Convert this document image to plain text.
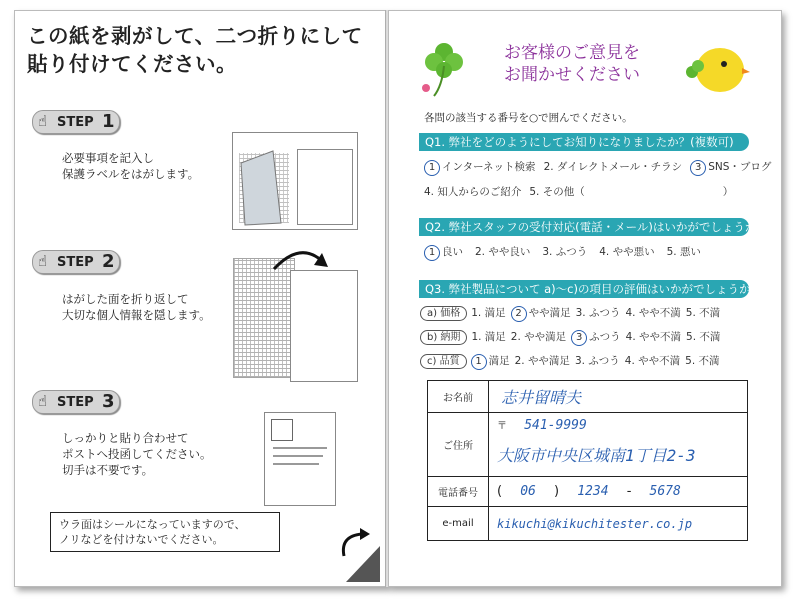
この紙を剥がして、二つ折りにして
貼り付けてください。
☝ STEP 1
必要事項を記入し
保護ラベルをはがします。
☝ STEP 2
はがした面を折り返して
大切な個人情報を隠します。
☝ STEP 3
しっかりと貼り合わせて
ポストへ投函してください。
切手は不要です。
ウラ面はシールになっていますので、
ノリなどを付けないでください。
お客様のご意見を
お聞かせください
各問の該当する番号を○で囲んでください。
Q1. 弊社をどのようにしてお知りになりましたか？(複数可)
1 インターネット検索 2. ダイレクトメール・チラシ 3 SNS・ブログ
4. 知人からのご紹介 5. その他（	）
Q2. 弊社スタッフの受付対応(電話・メール)はいかがでしょうか？
1 良い 2. やや良い 3. ふつう 4. やや悪い 5. 悪い
Q3. 弊社製品について a)～c)の項目の評価はいかがでしょうか？
a) 価格 1. 満足 2 やや満足 3. ふつう 4. やや不満 5. 不満
b) 納期 1. 満足 2. やや満足 3 ふつう 4. やや不満 5. 不満
c) 品質 1 満足 2. やや満足 3. ふつう 4. やや不満 5. 不満
お名前	志井留晴夫
ご住所	〒 541-9999
大阪市中央区城南1丁目2-3

電話番号	( 06 ) 1234 - 5678
e-mail	kikuchi@kikuchitester.co.jp
